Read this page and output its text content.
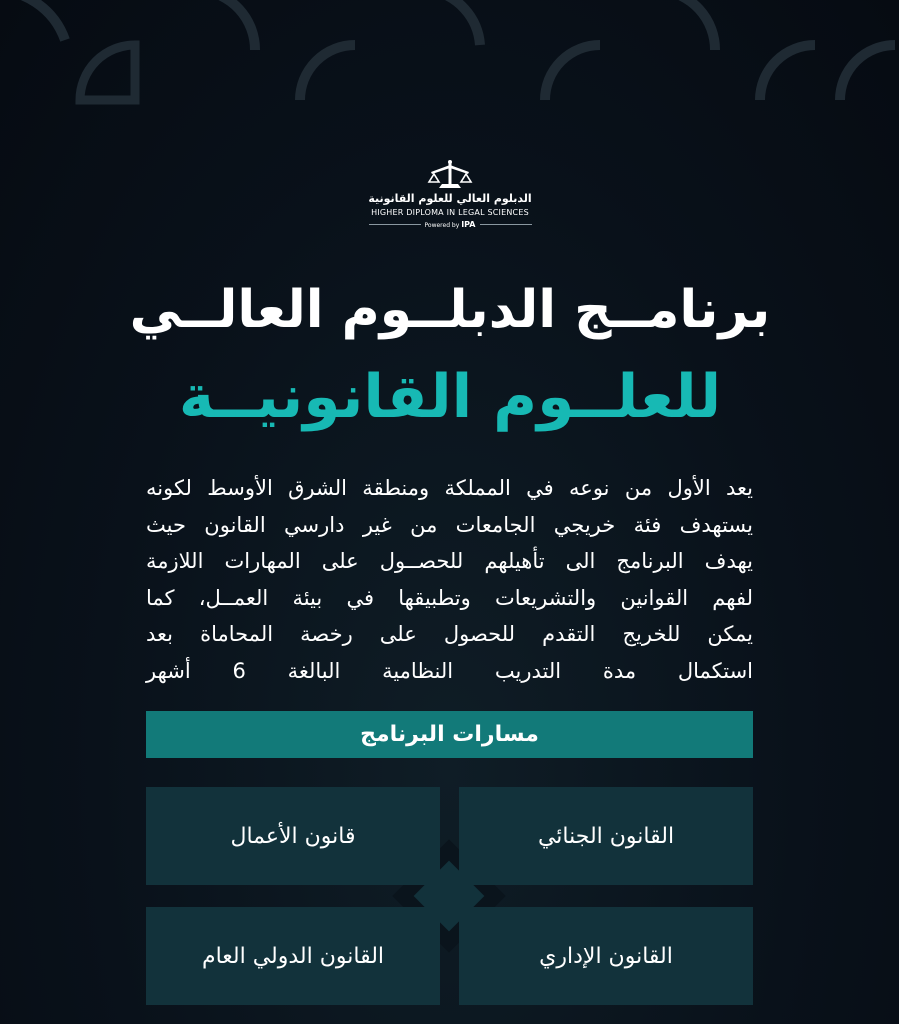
الدبلوم العالي للعلوم القانونية
HIGHER DIPLOMA IN LEGAL SCIENCES
Powered by IPA
برنامــج الدبلــوم العالــي
للعلــوم القانونيــة
يعد الأول من نوعه في المملكة ومنطقة الشرق الأوسط لكونه
يستهدف فئة خريجي الجامعات من غير دارسي القانون حيث
يهدف البرنامج الى تأهيلهم للحصــول على المهارات اللازمة
لفهم القوانين والتشريعات وتطبيقها في بيئة العمــل، كما
يمكن للخريج التقدم للحصول على رخصة المحاماة بعد
استكمال مدة التدريب النظامية البالغة 6 أشهر
مسارات البرنامج
القانون الجنائي
قانون الأعمال
القانون الإداري
القانون الدولي العام
